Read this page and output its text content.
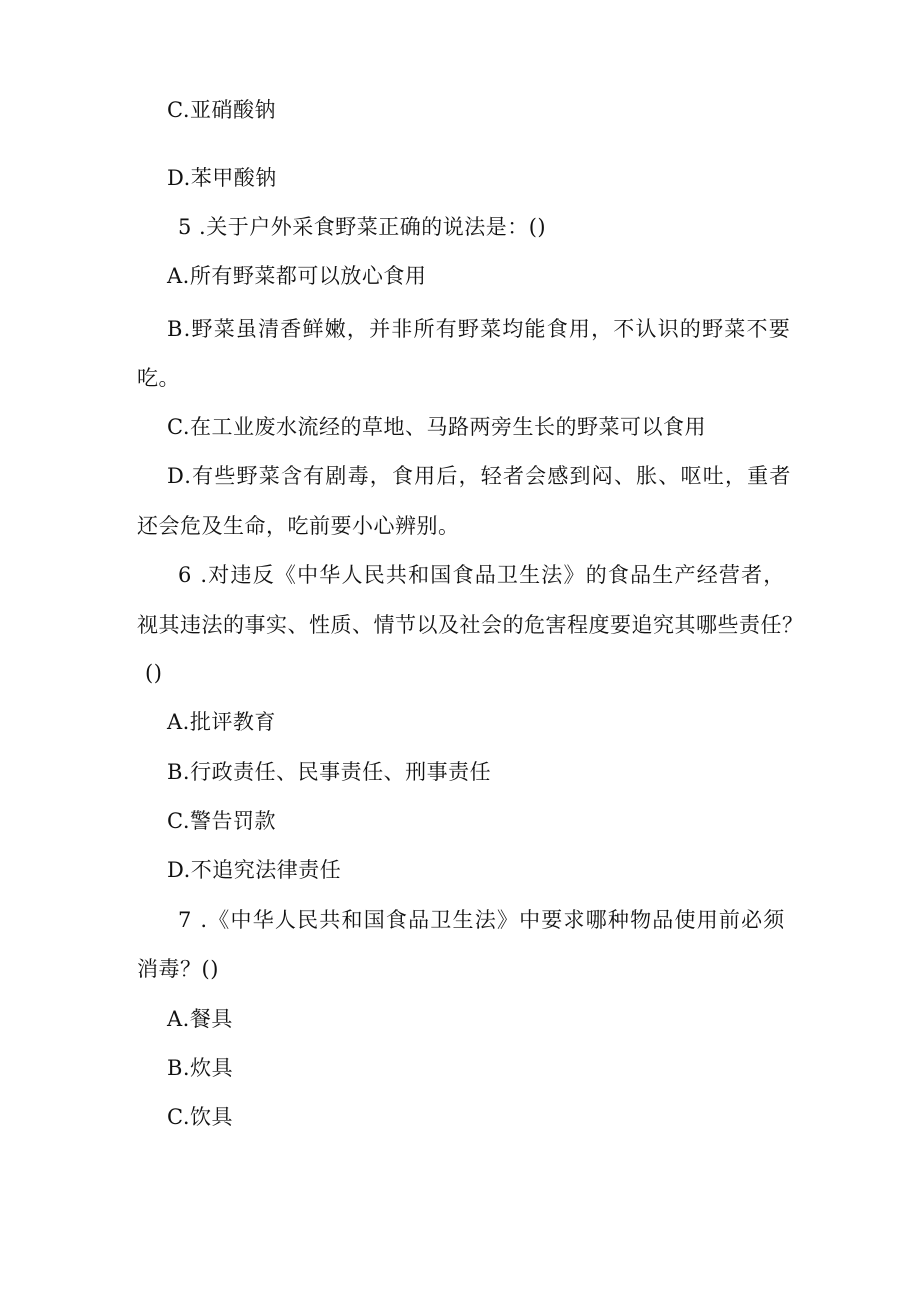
C.亚硝酸钠
D.苯甲酸钠
5 .关于户外采食野菜正确的说法是：()
A.所有野菜都可以放心食用
B.野菜虽清香鲜嫩，并非所有野菜均能食用，不认识的野菜不要
吃。
C.在工业废水流经的草地、马路两旁生长的野菜可以食用
D.有些野菜含有剧毒，食用后，轻者会感到闷、胀、呕吐，重者
还会危及生命，吃前要小心辨别。
6 .对违反《中华人民共和国食品卫生法》的食品生产经营者，
视其违法的事实、性质、情节以及社会的危害程度要追究其哪些责任？
()
A.批评教育
B.行政责任、民事责任、刑事责任
C.警告罚款
D.不追究法律责任
7 .《中华人民共和国食品卫生法》中要求哪种物品使用前必须
消毒？()
A.餐具
B.炊具
C.饮具
